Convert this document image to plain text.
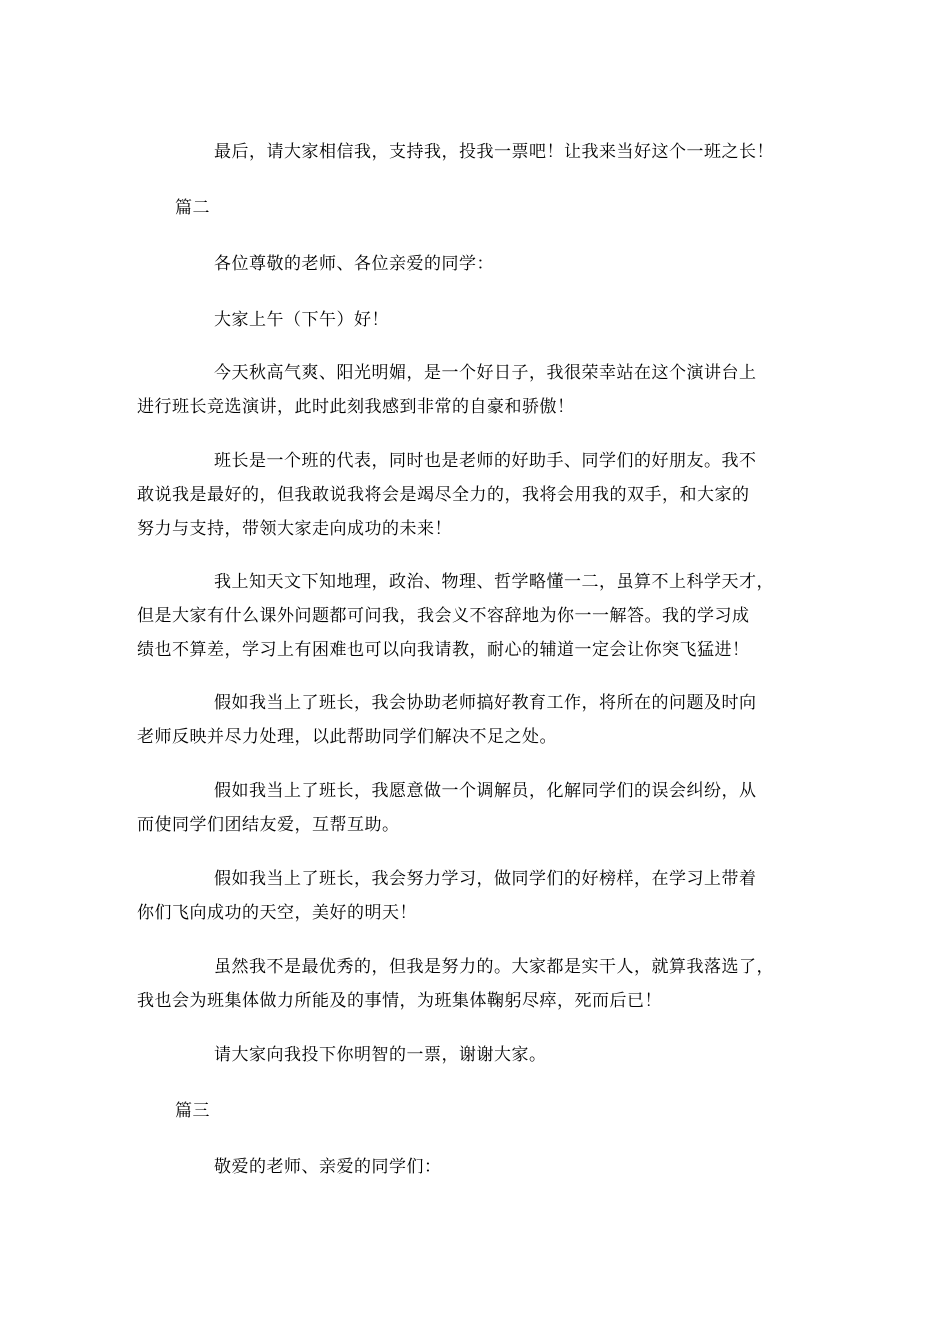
最后，请大家相信我，支持我，投我一票吧！让我来当好这个一班之长！
篇二
各位尊敬的老师、各位亲爱的同学：
大家上午（下午）好！
今天秋高气爽、阳光明媚，是一个好日子，我很荣幸站在这个演讲台上
进行班长竞选演讲，此时此刻我感到非常的自豪和骄傲！
班长是一个班的代表，同时也是老师的好助手、同学们的好朋友。我不
敢说我是最好的，但我敢说我将会是竭尽全力的，我将会用我的双手，和大家的
努力与支持，带领大家走向成功的未来！
我上知天文下知地理，政治、物理、哲学略懂一二，虽算不上科学天才，
但是大家有什么课外问题都可问我，我会义不容辞地为你一一解答。我的学习成
绩也不算差，学习上有困难也可以向我请教，耐心的辅道一定会让你突飞猛进！
假如我当上了班长，我会协助老师搞好教育工作，将所在的问题及时向
老师反映并尽力处理，以此帮助同学们解决不足之处。
假如我当上了班长，我愿意做一个调解员，化解同学们的误会纠纷，从
而使同学们团结友爱，互帮互助。
假如我当上了班长，我会努力学习，做同学们的好榜样，在学习上带着
你们飞向成功的天空，美好的明天！
虽然我不是最优秀的，但我是努力的。大家都是实干人，就算我落选了，
我也会为班集体做力所能及的事情，为班集体鞠躬尽瘁，死而后已！
请大家向我投下你明智的一票，谢谢大家。
篇三
敬爱的老师、亲爱的同学们：
